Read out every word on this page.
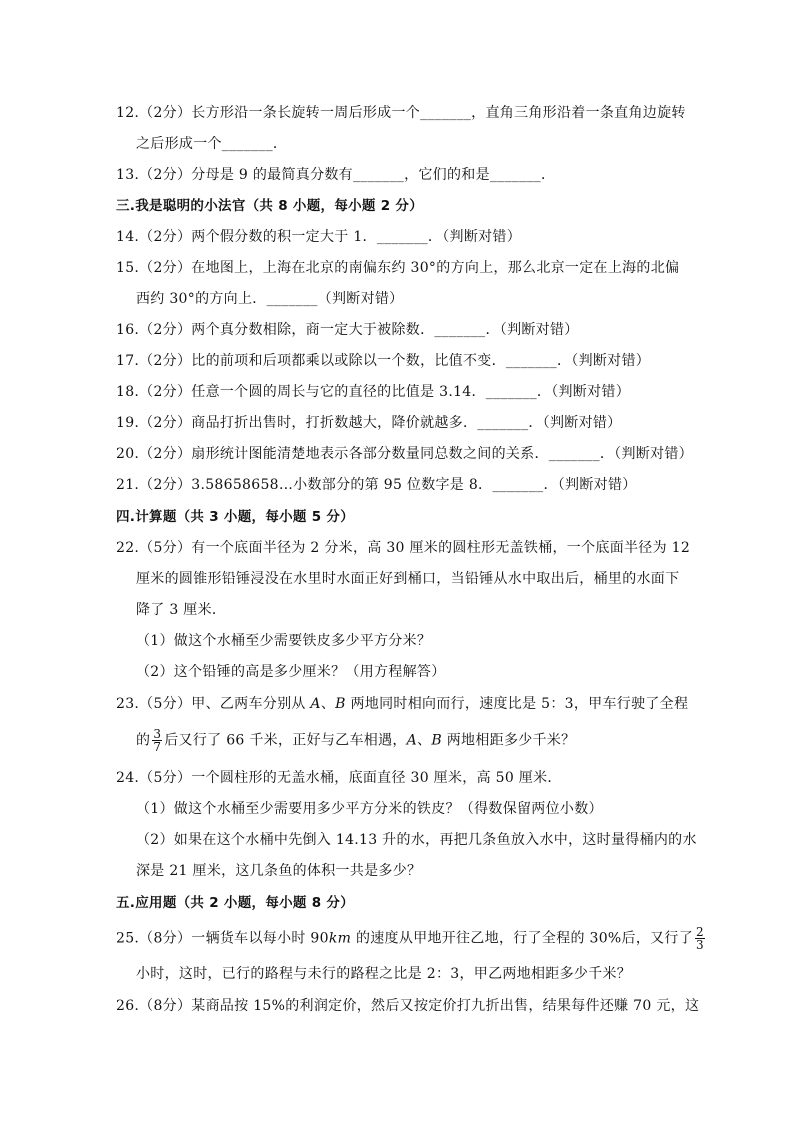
12.（2分）长方形沿一条长旋转一周后形成一个_______，直角三角形沿着一条直角边旋转
之后形成一个_______．
13.（2分）分母是 9 的最简真分数有_______，它们的和是_______．
三.我是聪明的小法官（共 8 小题，每小题 2 分）
14.（2分）两个假分数的积一定大于 1．_______．（判断对错）
15.（2分）在地图上，上海在北京的南偏东约 30°的方向上，那么北京一定在上海的北偏
西约 30°的方向上．_______（判断对错）
16.（2分）两个真分数相除，商一定大于被除数．_______．（判断对错）
17.（2分）比的前项和后项都乘以或除以一个数，比值不变．_______．（判断对错）
18.（2分）任意一个圆的周长与它的直径的比值是 3.14．_______．（判断对错）
19.（2分）商品打折出售时，打折数越大，降价就越多．_______．（判断对错）
20.（2分）扇形统计图能清楚地表示各部分数量同总数之间的关系．_______．（判断对错）
21.（2分）3.58658658…小数部分的第 95 位数字是 8．_______．（判断对错）
四.计算题（共 3 小题，每小题 5 分）
22.（5分）有一个底面半径为 2 分米，高 30 厘米的圆柱形无盖铁桶，一个底面半径为 12
厘米的圆锥形铅锤浸没在水里时水面正好到桶口，当铅锤从水中取出后，桶里的水面下
降了 3 厘米．
（1）做这个水桶至少需要铁皮多少平方分米？
（2）这个铅锤的高是多少厘米？（用方程解答）
23.（5分）甲、乙两车分别从 A、B 两地同时相向而行，速度比是 5：3，甲车行驶了全程
的 $\frac{3}{7}$ 后又行了 66 千米，正好与乙车相遇，A、B 两地相距多少千米？
24.（5分）一个圆柱形的无盖水桶，底面直径 30 厘米，高 50 厘米．
（1）做这个水桶至少需要用多少平方分米的铁皮？（得数保留两位小数）
（2）如果在这个水桶中先倒入 14.13 升的水，再把几条鱼放入水中，这时量得桶内的水
深是 21 厘米，这几条鱼的体积一共是多少？
五.应用题（共 2 小题，每小题 8 分）
25.（8分）一辆货车以每小时 90km 的速度从甲地开往乙地，行了全程的 30%后，又行了 $\frac{2}{3}$
小时，这时，已行的路程与未行的路程之比是 2：3，甲乙两地相距多少千米？
26.（8分）某商品按 15%的利润定价，然后又按定价打九折出售，结果每件还赚 70 元，这
